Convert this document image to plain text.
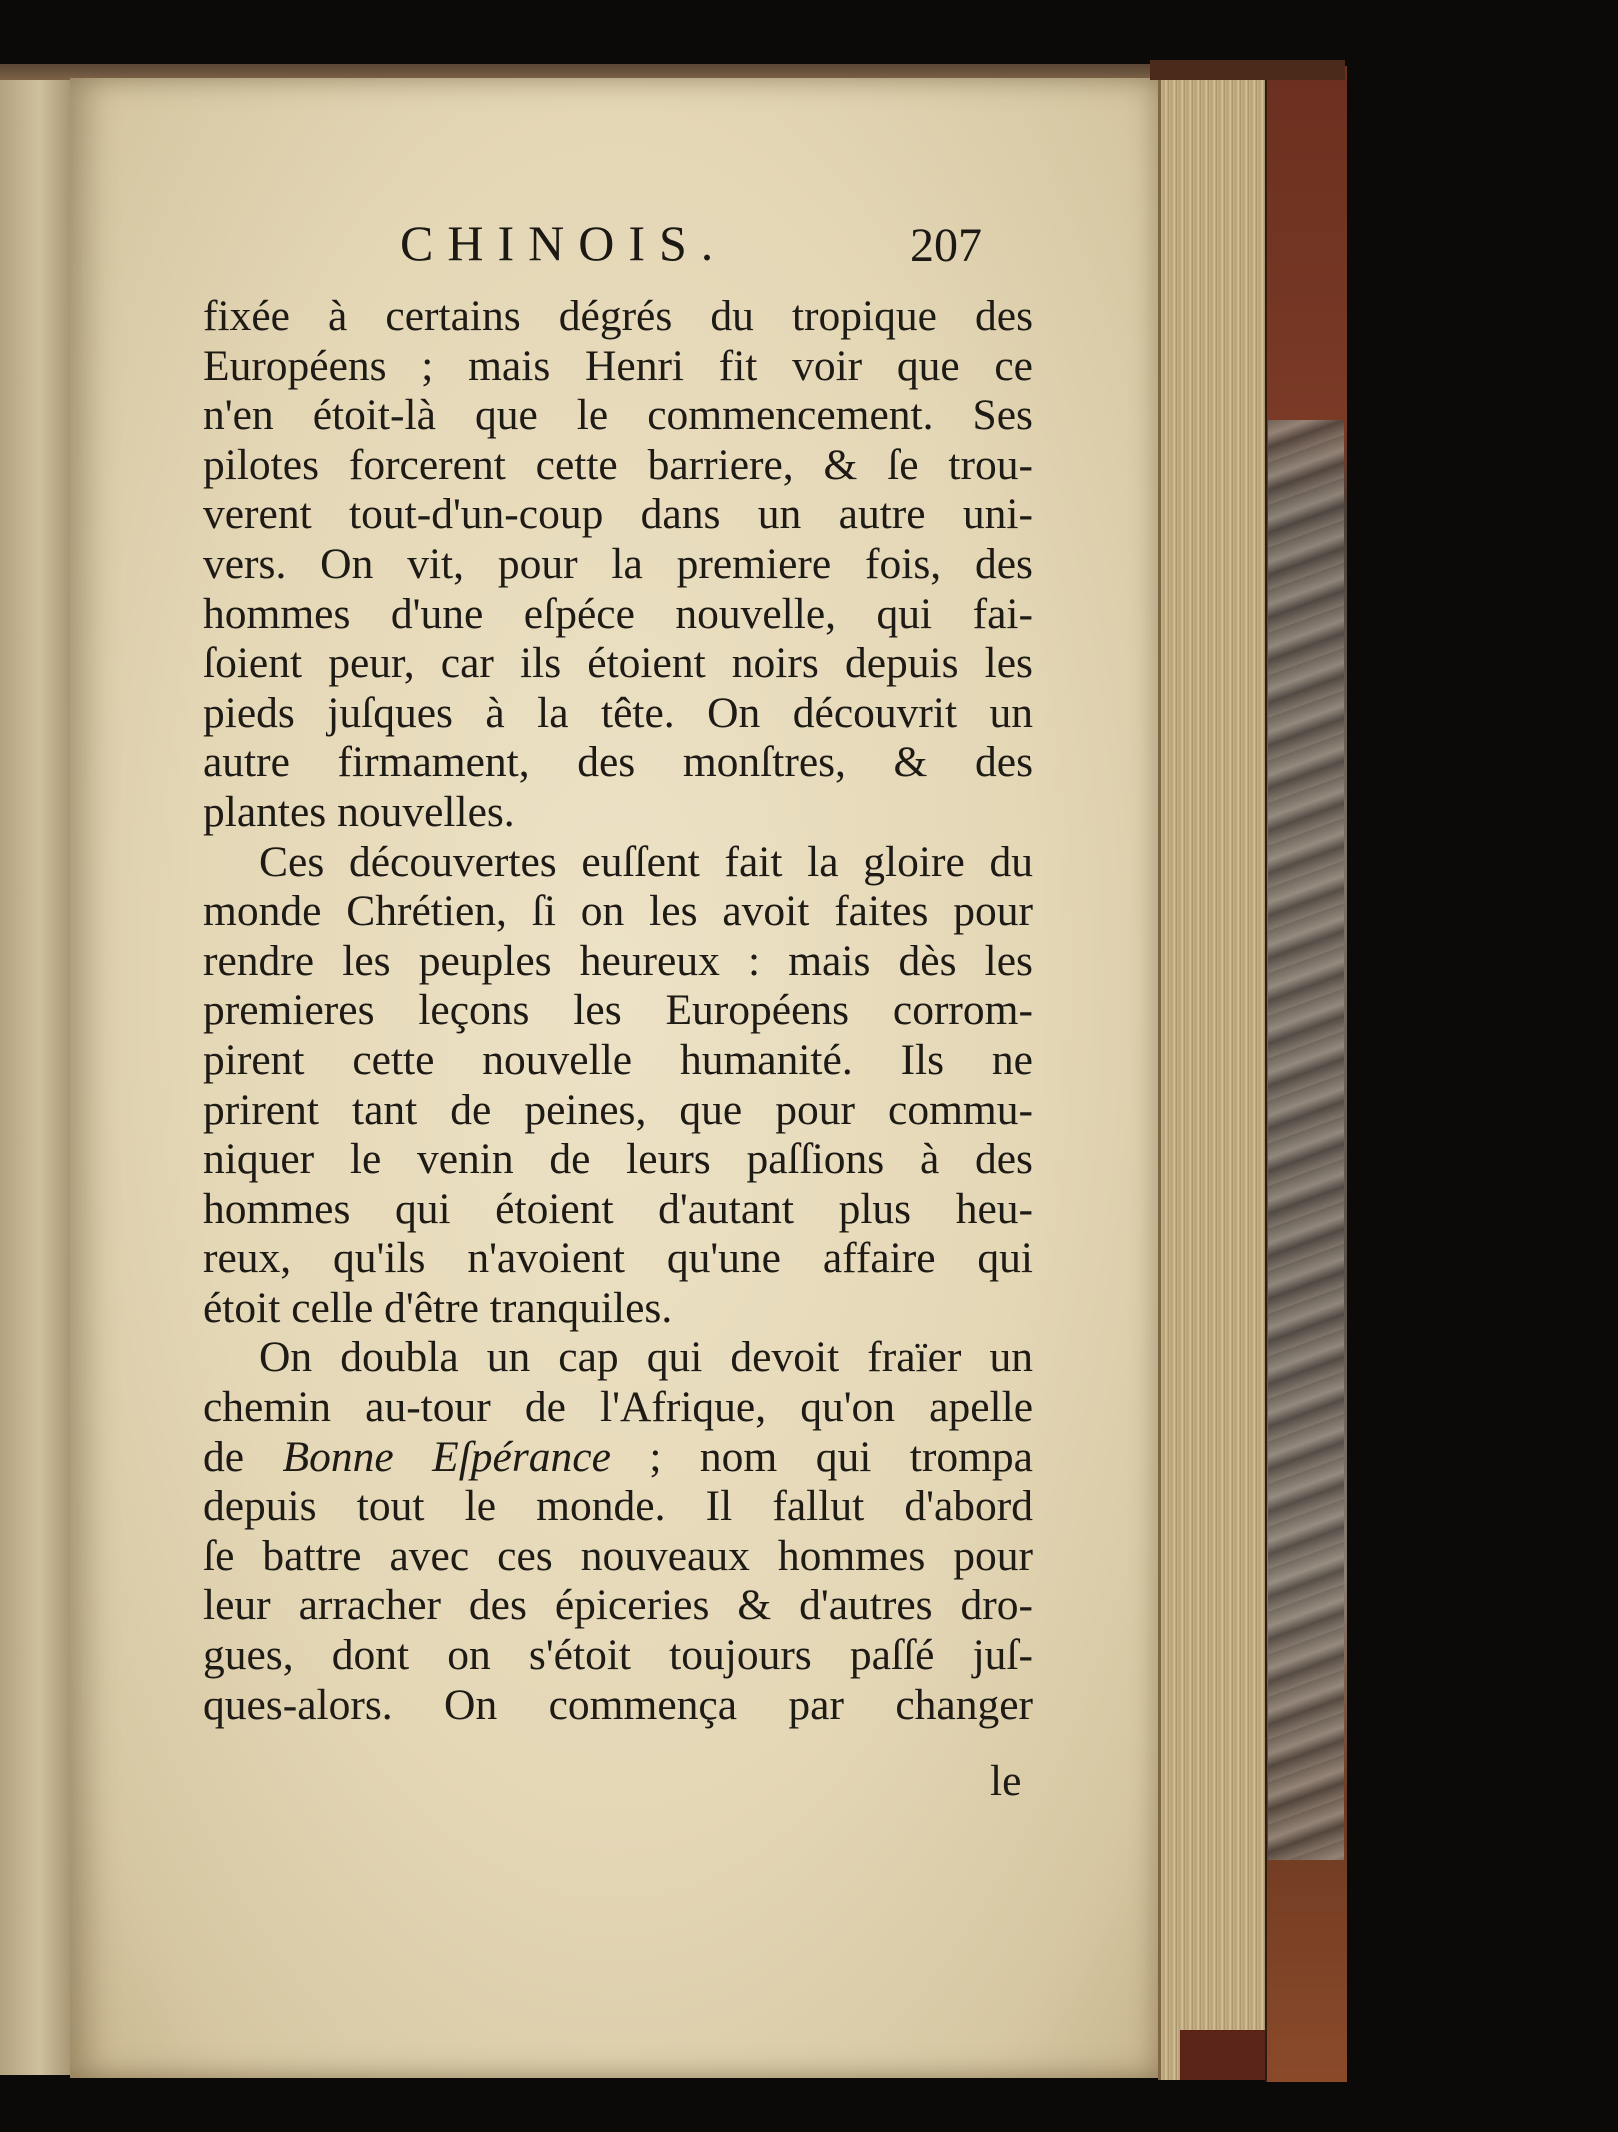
CHINOIS.	207
fixée à certains dégrés du tropique des
Européens ; mais Henri fit voir que ce
n'en étoit-là que le commencement. Ses
pilotes forcerent cette barriere, & ſe trou-
verent tout-d'un-coup dans un autre uni-
vers. On vit, pour la premiere fois, des
hommes d'une eſpéce nouvelle, qui fai-
ſoient peur, car ils étoient noirs depuis les
pieds juſques à la tête. On découvrit un
autre firmament, des monſtres, & des
plantes nouvelles.
Ces découvertes euſſent fait la gloire du
monde Chrétien, ſi on les avoit faites pour
rendre les peuples heureux : mais dès les
premieres leçons les Européens corrom-
pirent cette nouvelle humanité. Ils ne
prirent tant de peines, que pour commu-
niquer le venin de leurs paſſions à des
hommes qui étoient d'autant plus heu-
reux, qu'ils n'avoient qu'une affaire qui
étoit celle d'être tranquiles.
On doubla un cap qui devoit fraïer un
chemin au-tour de l'Afrique, qu'on apelle
de Bonne Eſpérance ; nom qui trompa
depuis tout le monde. Il fallut d'abord
ſe battre avec ces nouveaux hommes pour
leur arracher des épiceries & d'autres dro-
gues, dont on s'étoit toujours paſſé juſ-
ques-alors. On commença par changer
le
